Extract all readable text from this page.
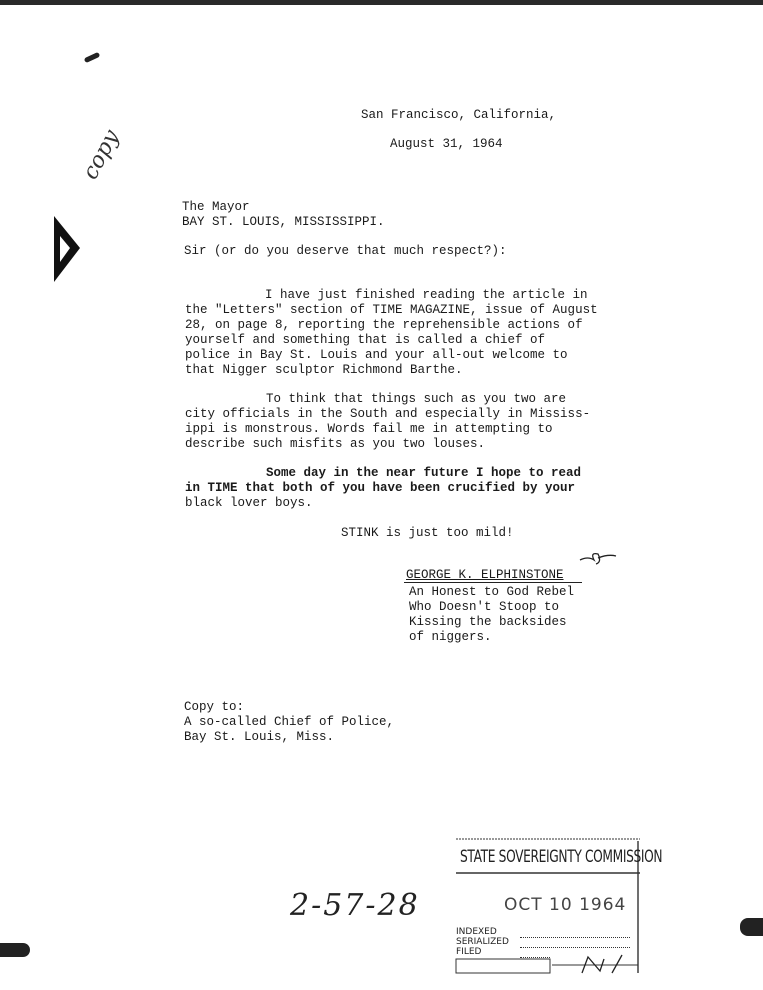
copy
San Francisco, California,
August 31, 1964
The Mayor
BAY ST. LOUIS, MISSISSIPPI.
Sir (or do you deserve that much respect?):
I have just finished reading the article in
the "Letters" section of TIME MAGAZINE, issue of August
28, on page 8, reporting the reprehensible actions of
yourself and something that is called a chief of
police in Bay St. Louis and your all-out welcome to
that Nigger sculptor Richmond Barthe.
To think that things such as you two are
city officials in the South and especially in Mississ-
ippi is monstrous. Words fail me in attempting to
describe such misfits as you two louses.
Some day in the near future I hope to read
in TIME that both of you have been crucified by your
black lover boys.
STINK is just too mild!
GEORGE K. ELPHINSTONE
An Honest to God Rebel
Who Doesn't Stoop to
Kissing the backsides
of niggers.
Copy to:
A so-called Chief of Police,
Bay St. Louis, Miss.
2-57-28
STATE SOVEREIGNTY COMMISSION
OCT 10 1964
INDEXED
SERIALIZED
FILED
